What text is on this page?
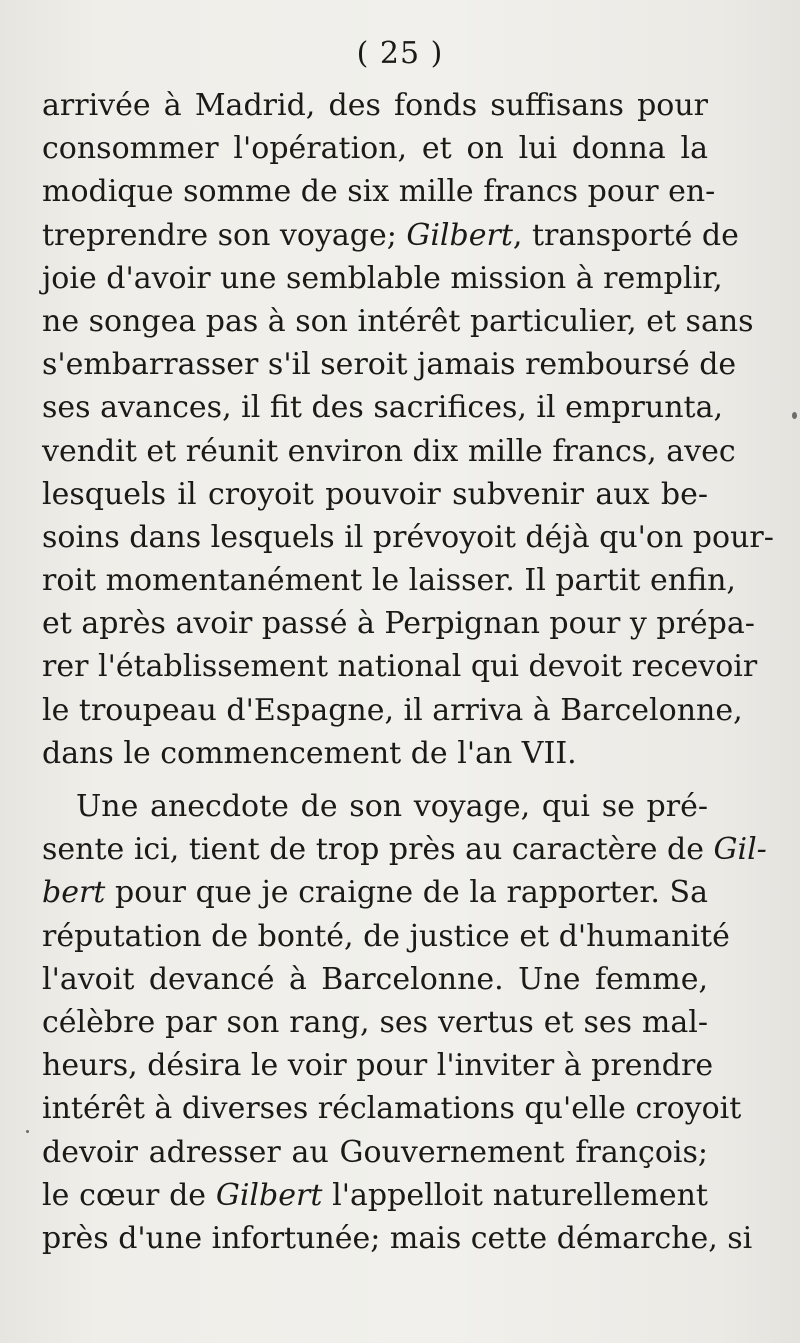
( 25 )
arrivée à Madrid, des fonds suffisans pour
consommer l'opération, et on lui donna la
modique somme de six mille francs pour en-
treprendre son voyage; Gilbert, transporté de
joie d'avoir une semblable mission à remplir,
ne songea pas à son intérêt particulier, et sans
s'embarrasser s'il seroit jamais remboursé de
ses avances, il fit des sacrifices, il emprunta,
vendit et réunit environ dix mille francs, avec
lesquels il croyoit pouvoir subvenir aux be-
soins dans lesquels il prévoyoit déjà qu'on pour-
roit momentanément le laisser. Il partit enfin,
et après avoir passé à Perpignan pour y prépa-
rer l'établissement national qui devoit recevoir
le troupeau d'Espagne, il arriva à Barcelonne,
dans le commencement de l'an VII.
Une anecdote de son voyage, qui se pré-
sente ici, tient de trop près au caractère de Gil-
bert pour que je craigne de la rapporter. Sa
réputation de bonté, de justice et d'humanité
l'avoit devancé à Barcelonne. Une femme,
célèbre par son rang, ses vertus et ses mal-
heurs, désira le voir pour l'inviter à prendre
intérêt à diverses réclamations qu'elle croyoit
devoir adresser au Gouvernement françois;
le cœur de Gilbert l'appelloit naturellement
près d'une infortunée; mais cette démarche, si
